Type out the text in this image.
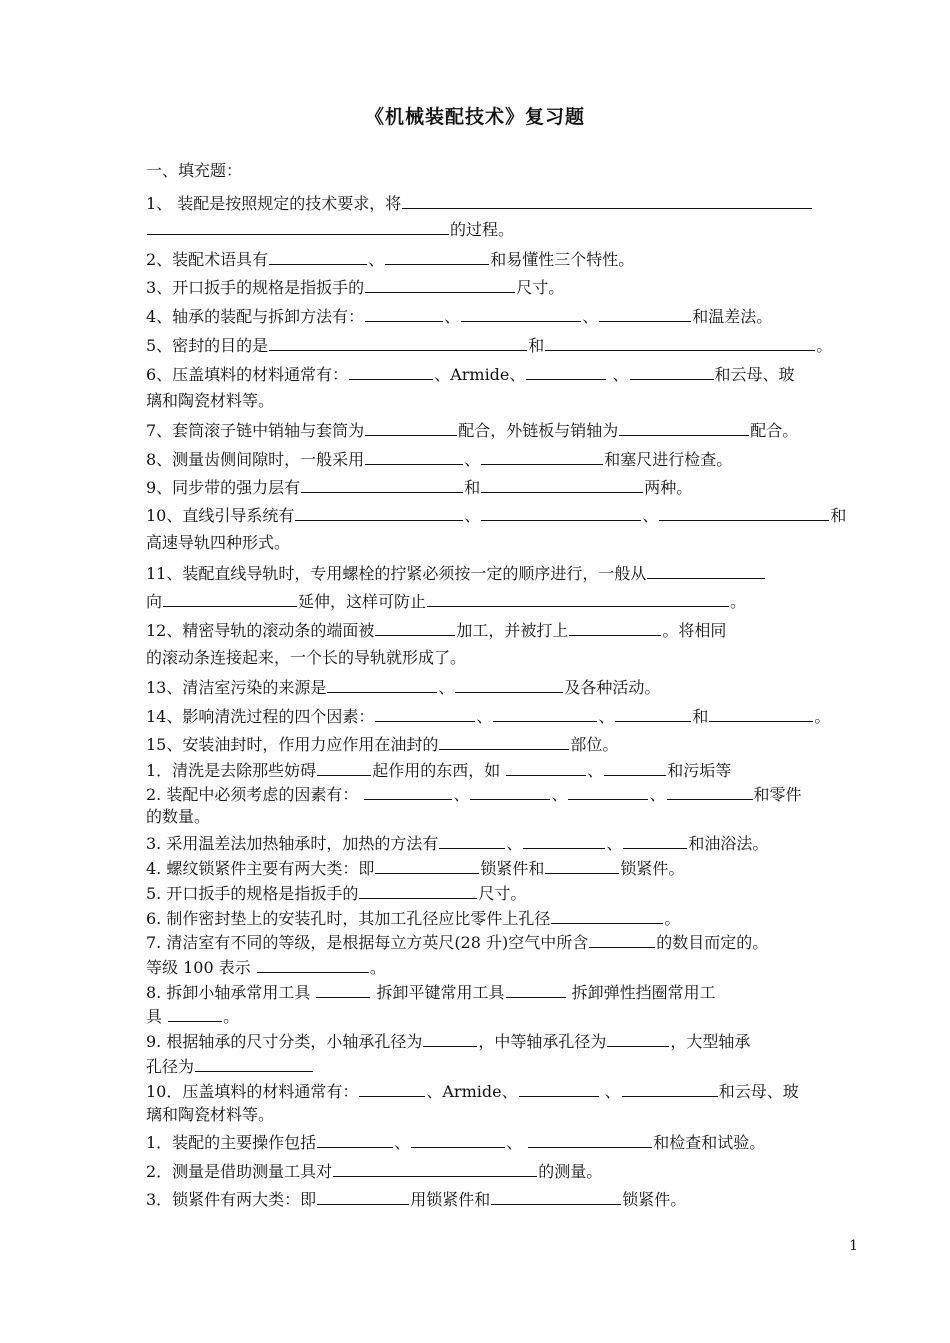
《机械装配技术》复习题
一、填充题：
1、 装配是按照规定的技术要求，将
的过程。
2、装配术语具有	、	和易懂性三个特性。
3、开口扳手的规格是指扳手的	尺寸。
4、轴承的装配与拆卸方法有：	、	、	和温差法。
5、密封的目的是	和	。
6、压盖填料的材料通常有：	、Armide、	、	和云母、玻
璃和陶瓷材料等。
7、套筒滚子链中销轴与套筒为	配合，外链板与销轴为	配合。
8、测量齿侧间隙时，一般采用	、	和塞尺进行检查。
9、同步带的强力层有	和	两种。
10、直线引导系统有	、	、	和
高速导轨四种形式。
11、装配直线导轨时，专用螺栓的拧紧必须按一定的顺序进行，一般从
向	延伸，这样可防止	。
12、精密导轨的滚动条的端面被	加工，并被打上	。将相同
的滚动条连接起来，一个长的导轨就形成了。
13、清洁室污染的来源是	、	及各种活动。
14、影响清洗过程的四个因素：	、	、	和	。
15、安装油封时，作用力应作用在油封的	部位。
1．清洗是去除那些妨碍	起作用的东西，如	、	和污垢等
2. 装配中必须考虑的因素有：	、	、	、	和零件
的数量。
3. 采用温差法加热轴承时，加热的方法有	、	、	和油浴法。
4. 螺纹锁紧件主要有两大类：即	锁紧件和	锁紧件。
5. 开口扳手的规格是指扳手的	尺寸。
6. 制作密封垫上的安装孔时，其加工孔径应比零件上孔径	。
7. 清洁室有不同的等级，是根据每立方英尺(28 升)空气中所含	的数目而定的。
等级 100 表示	。
8. 拆卸小轴承常用工具	拆卸平键常用工具	拆卸弹性挡圈常用工
具	。
9. 根据轴承的尺寸分类，小轴承孔径为	，中等轴承孔径为	，大型轴承
孔径为
10．压盖填料的材料通常有：	、Armide、	、	和云母、玻
璃和陶瓷材料等。
1．装配的主要操作包括	、	、	和检查和试验。
2．测量是借助测量工具对	的测量。
3．锁紧件有两大类：即	用锁紧件和	锁紧件。
1
